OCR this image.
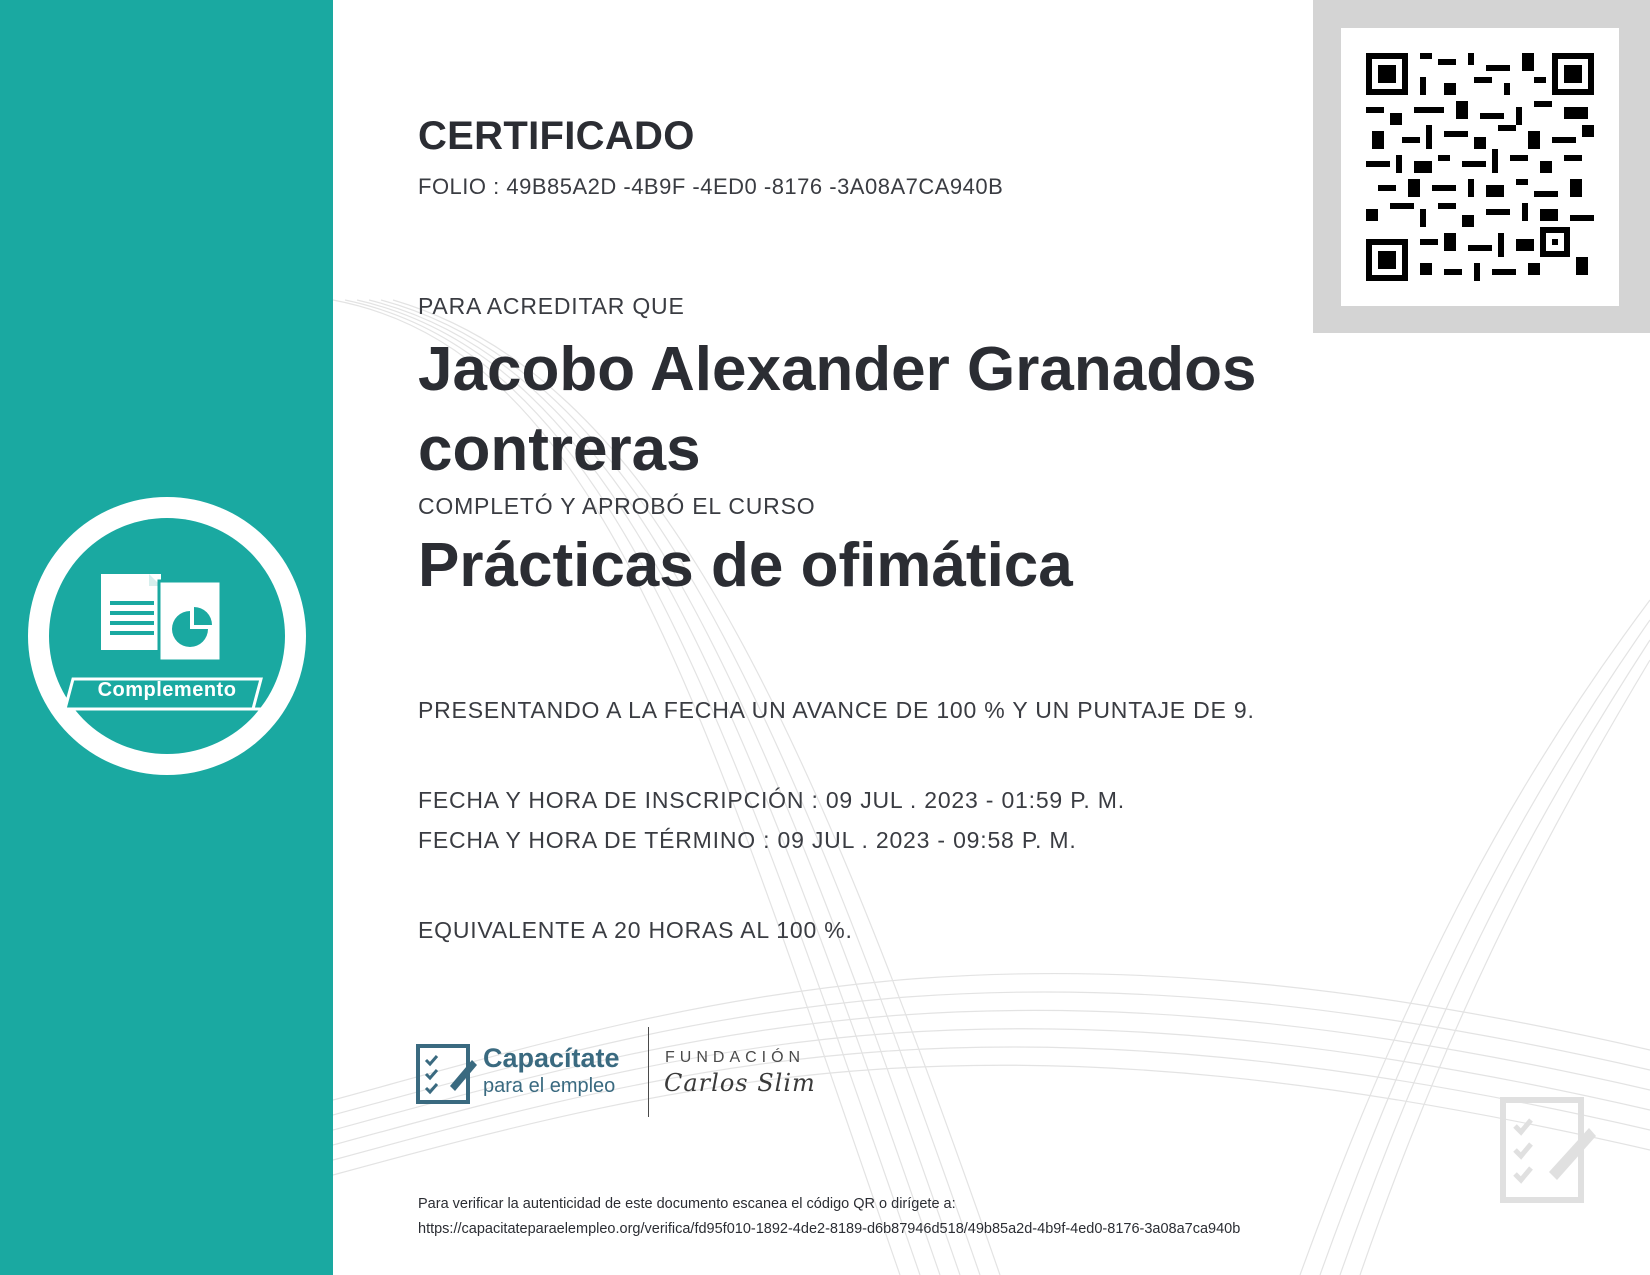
Complemento
CERTIFICADO
FOLIO : 49B85A2D -4B9F -4ED0 -8176 -3A08A7CA940B
PARA ACREDITAR QUE
Jacobo Alexander Granados contreras
COMPLETÓ Y APROBÓ EL CURSO
Prácticas de ofimática
PRESENTANDO A LA FECHA UN AVANCE DE 100 % Y UN PUNTAJE DE 9.
FECHA Y HORA DE INSCRIPCIÓN : 09 JUL . 2023 - 01:59 P. M.
FECHA Y HORA DE TÉRMINO : 09 JUL . 2023 - 09:58 P. M.
EQUIVALENTE A 20 HORAS AL 100 %.
Capacítate
para el empleo
FUNDACIÓN
Carlos Slim
Para verificar la autenticidad de este documento escanea el código QR o dirígete a:
https://capacitateparaelempleo.org/verifica/fd95f010-1892-4de2-8189-d6b87946d518/49b85a2d-4b9f-4ed0-8176-3a08a7ca940b
